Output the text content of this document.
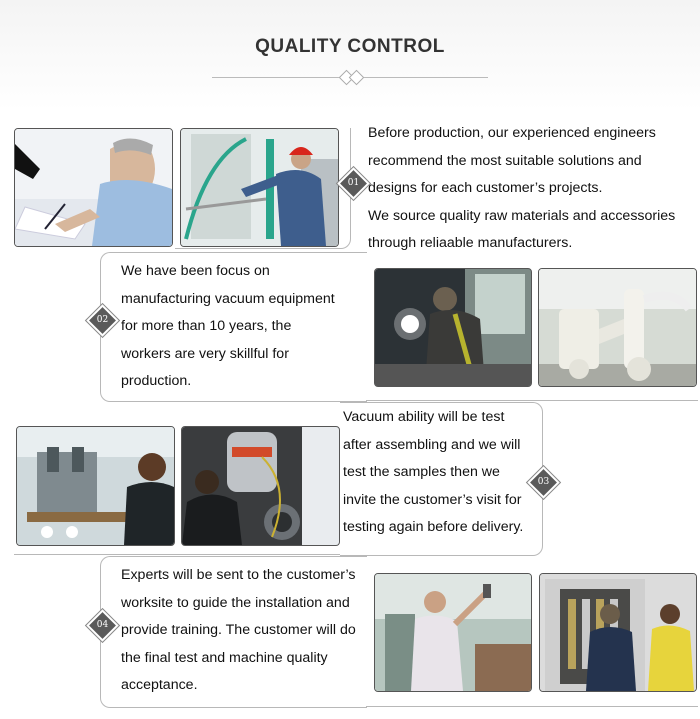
QUALITY CONTROL
01
Before production, our experienced engineers
recommend the most suitable solutions and
designs for each customer’s projects.
We source quality raw materials and accessories
through reliaable manufacturers.
02
We have been focus on
manufacturing vacuum equipment
for more than 10 years, the
workers are very skillful for
production.
03
Vacuum ability will be test
after assembling and we will
test the samples then we
invite the customer’s visit for
testing again before delivery.
04
Experts will be sent to the customer’s
worksite to guide the installation and
provide training. The customer will do
the final test and machine quality
acceptance.
